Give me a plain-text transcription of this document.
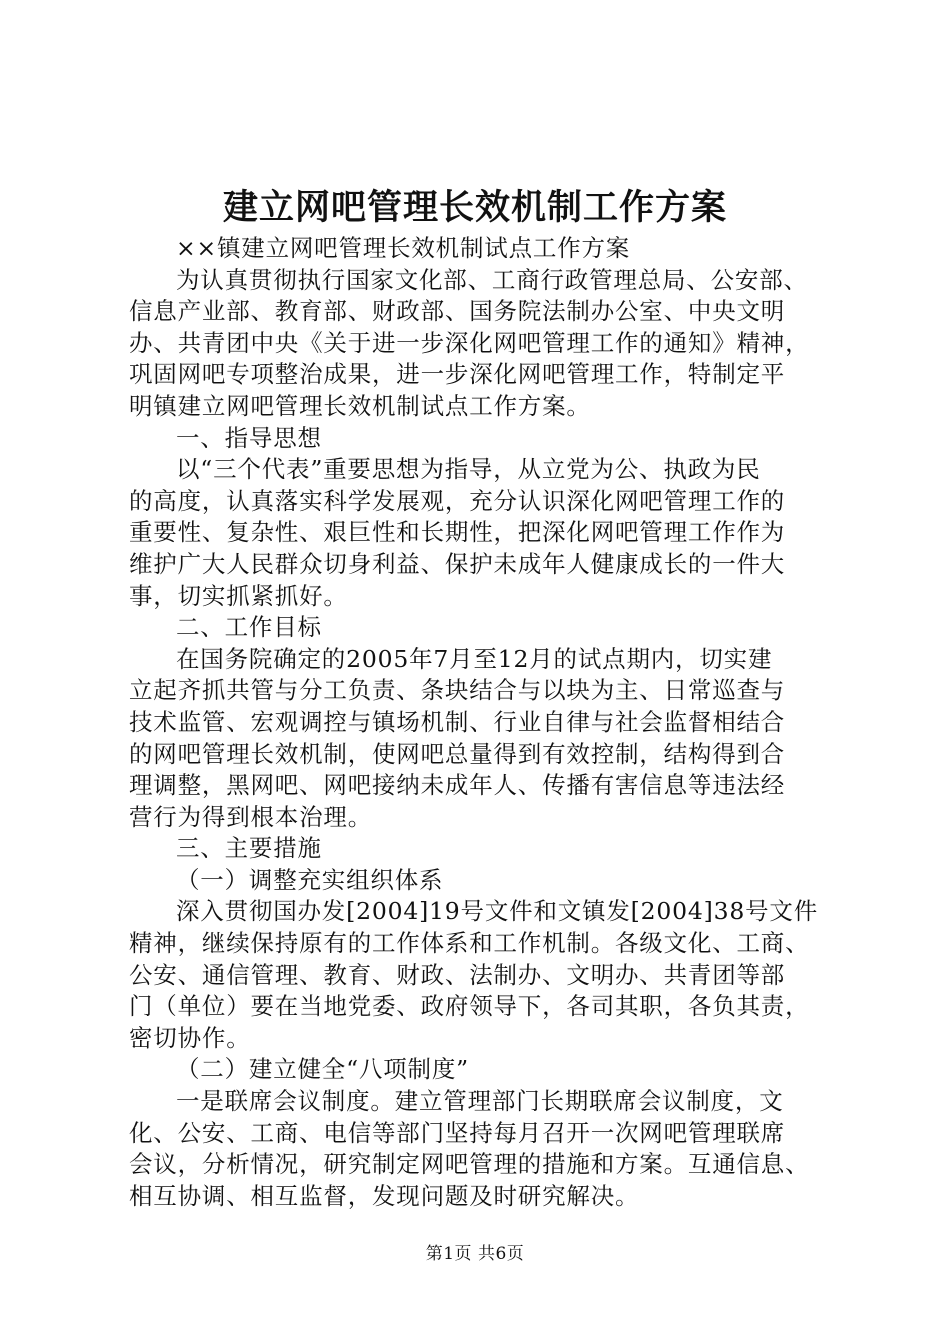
建立网吧管理长效机制工作方案
××镇建立网吧管理长效机制试点工作方案
为认真贯彻执行国家文化部、工商行政管理总局、公安部、
信息产业部、教育部、财政部、国务院法制办公室、中央文明
办、共青团中央《关于进一步深化网吧管理工作的通知》精神，
巩固网吧专项整治成果，进一步深化网吧管理工作，特制定平
明镇建立网吧管理长效机制试点工作方案。
一、指导思想
以“三个代表”重要思想为指导，从立党为公、执政为民
的高度，认真落实科学发展观，充分认识深化网吧管理工作的
重要性、复杂性、艰巨性和长期性，把深化网吧管理工作作为
维护广大人民群众切身利益、保护未成年人健康成长的一件大
事，切实抓紧抓好。
二、工作目标
在国务院确定的2005年7月至12月的试点期内，切实建
立起齐抓共管与分工负责、条块结合与以块为主、日常巡查与
技术监管、宏观调控与镇场机制、行业自律与社会监督相结合
的网吧管理长效机制，使网吧总量得到有效控制，结构得到合
理调整，黑网吧、网吧接纳未成年人、传播有害信息等违法经
营行为得到根本治理。
三、主要措施
（一）调整充实组织体系
深入贯彻国办发[2004]19号文件和文镇发[2004]38号文件
精神，继续保持原有的工作体系和工作机制。各级文化、工商、
公安、通信管理、教育、财政、法制办、文明办、共青团等部
门（单位）要在当地党委、政府领导下，各司其职，各负其责，
密切协作。
（二）建立健全“八项制度”
一是联席会议制度。建立管理部门长期联席会议制度，文
化、公安、工商、电信等部门坚持每月召开一次网吧管理联席
会议，分析情况，研究制定网吧管理的措施和方案。互通信息、
相互协调、相互监督，发现问题及时研究解决。
第1页 共6页
